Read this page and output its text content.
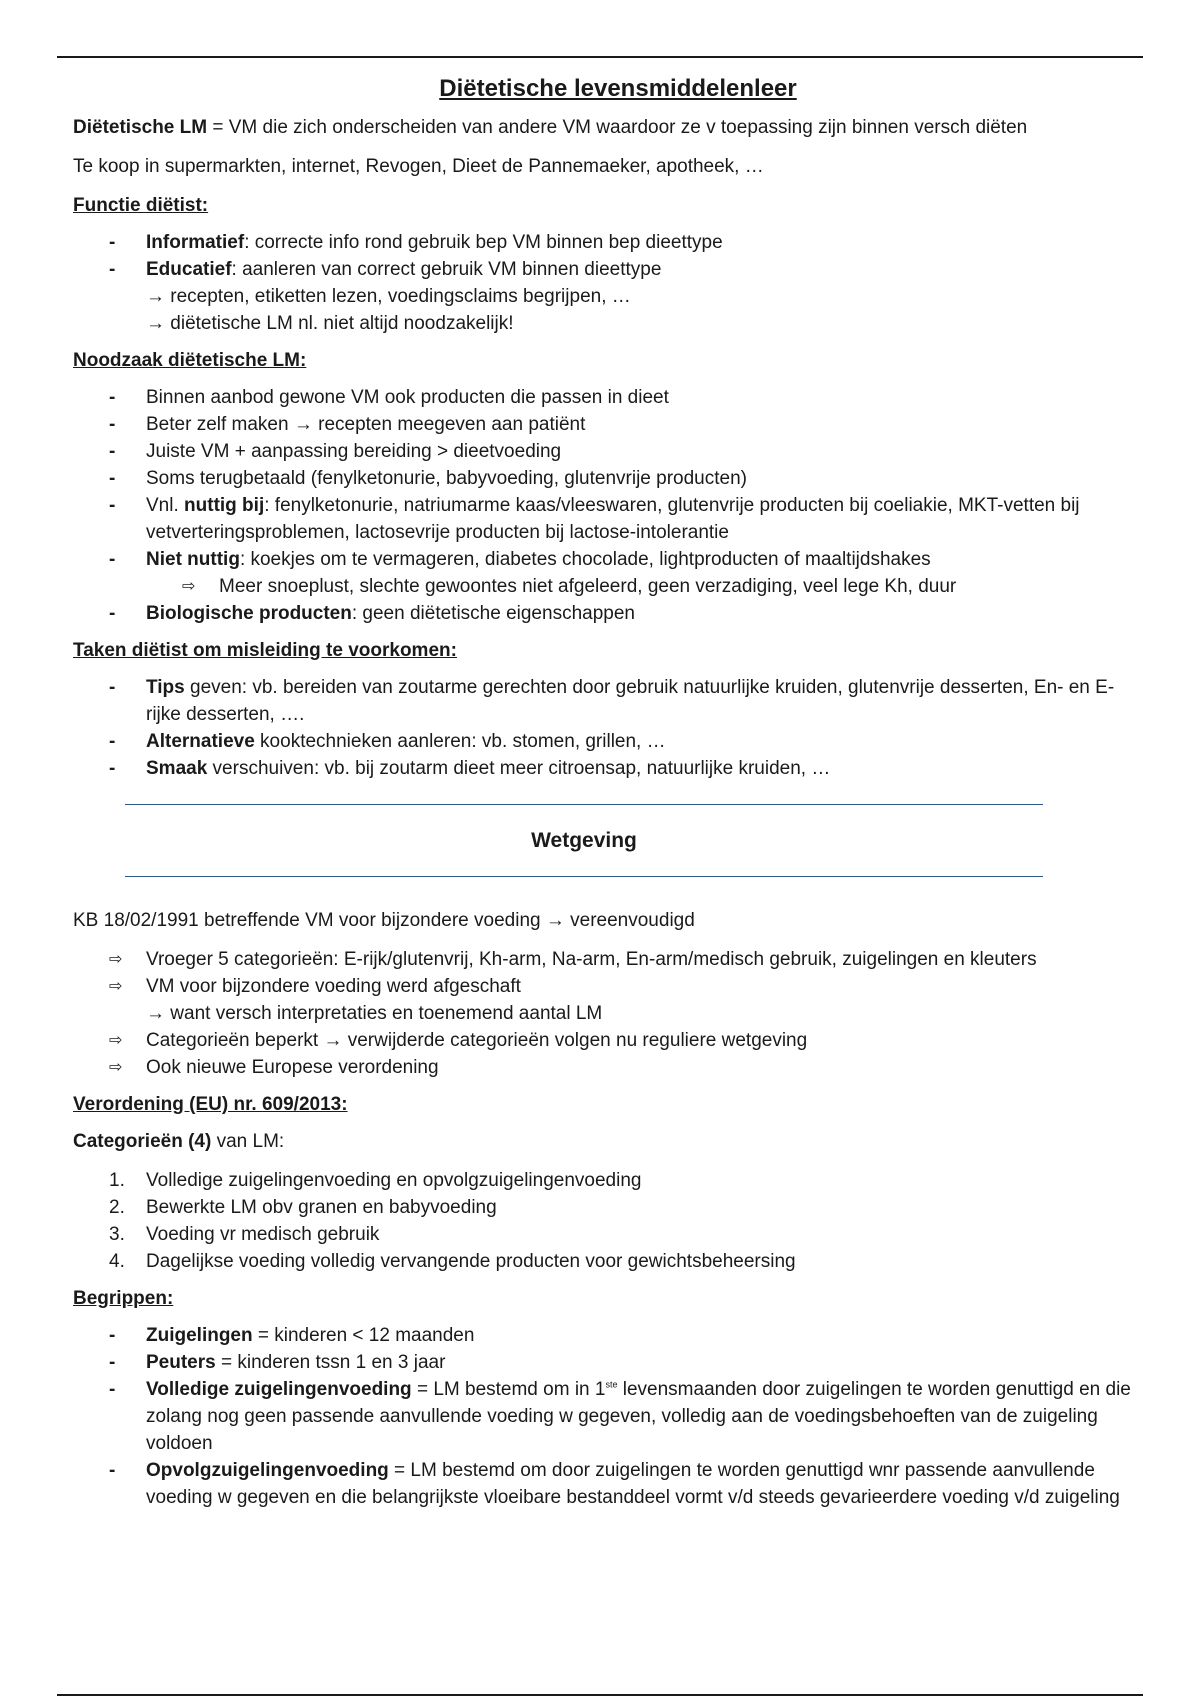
Diëtetische levensmiddelenleer

Diëtetische LM = VM die zich onderscheiden van andere VM waardoor ze v toepassing zijn binnen versch diëten

Te koop in supermarkten, internet, Revogen, Dieet de Pannemaeker, apotheek, …

Functie diëtist:
- Informatief: correcte info rond gebruik bep VM binnen bep dieettype
- Educatief: aanleren van correct gebruik VM binnen dieettype
→ recepten, etiketten lezen, voedingsclaims begrijpen, …
→ diëtetische LM nl. niet altijd noodzakelijk!
Noodzaak diëtetische LM:
- Binnen aanbod gewone VM ook producten die passen in dieet
- Beter zelf maken → recepten meegeven aan patiënt
- Juiste VM + aanpassing bereiding > dieetvoeding
- Soms terugbetaald (fenylketonurie, babyvoeding, glutenvrije producten)
- Vnl. nuttig bij: fenylketonurie, natriumarme kaas/vleeswaren, glutenvrije producten bij coeliakie, MKT-vetten bij vetverteringsproblemen, lactosevrije producten bij lactose-intolerantie
- Niet nuttig: koekjes om te vermageren, diabetes chocolade, lightproducten of maaltijdshakes
⇨	Meer snoeplust, slechte gewoontes niet afgeleerd, geen verzadiging, veel lege Kh, duur
- Biologische producten: geen diëtetische eigenschappen
Taken diëtist om misleiding te voorkomen:
- Tips geven: vb. bereiden van zoutarme gerechten door gebruik natuurlijke kruiden, glutenvrije desserten, En- en E-rijke desserten, ….
- Alternatieve kooktechnieken aanleren: vb. stomen, grillen, …
- Smaak verschuiven: vb. bij zoutarm dieet meer citroensap, natuurlijke kruiden, …
Wetgeving

KB 18/02/1991 betreffende VM voor bijzondere voeding → vereenvoudigd

⇨ Vroeger 5 categorieën: E-rijk/glutenvrij, Kh-arm, Na-arm, En-arm/medisch gebruik, zuigelingen en kleuters
⇨ VM voor bijzondere voeding werd afgeschaft
→ want versch interpretaties en toenemend aantal LM
⇨ Categorieën beperkt → verwijderde categorieën volgen nu reguliere wetgeving
⇨ Ook nieuwe Europese verordening
Verordening (EU) nr. 609/2013:

Categorieën (4) van LM:

1. Volledige zuigelingenvoeding en opvolgzuigelingenvoeding
2. Bewerkte LM obv granen en babyvoeding
3. Voeding vr medisch gebruik
4. Dagelijkse voeding volledig vervangende producten voor gewichtsbeheersing
Begrippen:
- Zuigelingen = kinderen < 12 maanden
- Peuters = kinderen tssn 1 en 3 jaar
- Volledige zuigelingenvoeding = LM bestemd om in 1ste levensmaanden door zuigelingen te worden genuttigd en die zolang nog geen passende aanvullende voeding w gegeven, volledig aan de voedingsbehoeften van de zuigeling voldoen
- Opvolgzuigelingenvoeding = LM bestemd om door zuigelingen te worden genuttigd wnr passende aanvullende voeding w gegeven en die belangrijkste vloeibare bestanddeel vormt v/d steeds gevarieerdere voeding v/d zuigeling
